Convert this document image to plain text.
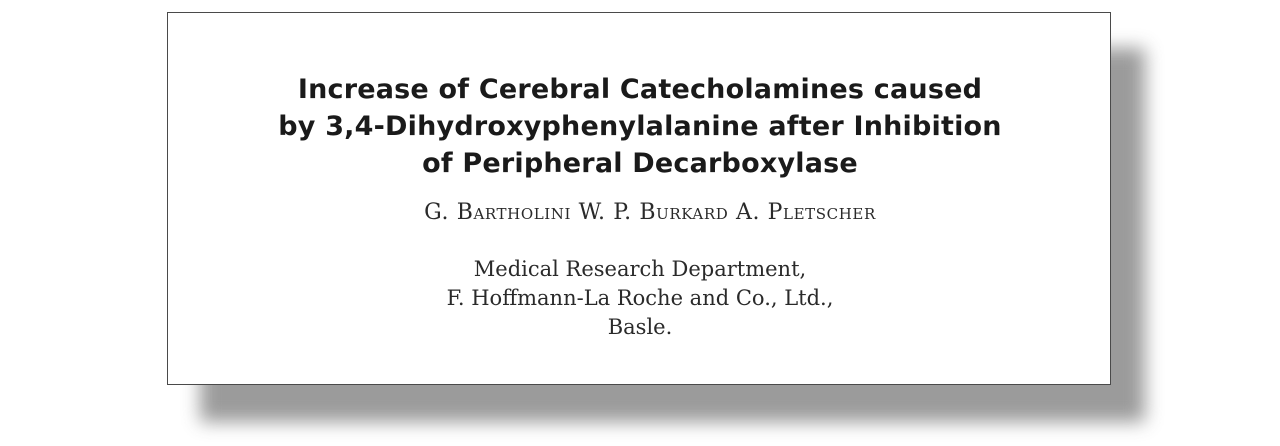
Increase of Cerebral Catecholamines caused
by 3,4-Dihydroxyphenylalanine after Inhibition
of Peripheral Decarboxylase
G. Bartholini W. P. Burkard A. Pletscher
Medical Research Department,
F. Hoffmann-La Roche and Co., Ltd.,
Basle.
